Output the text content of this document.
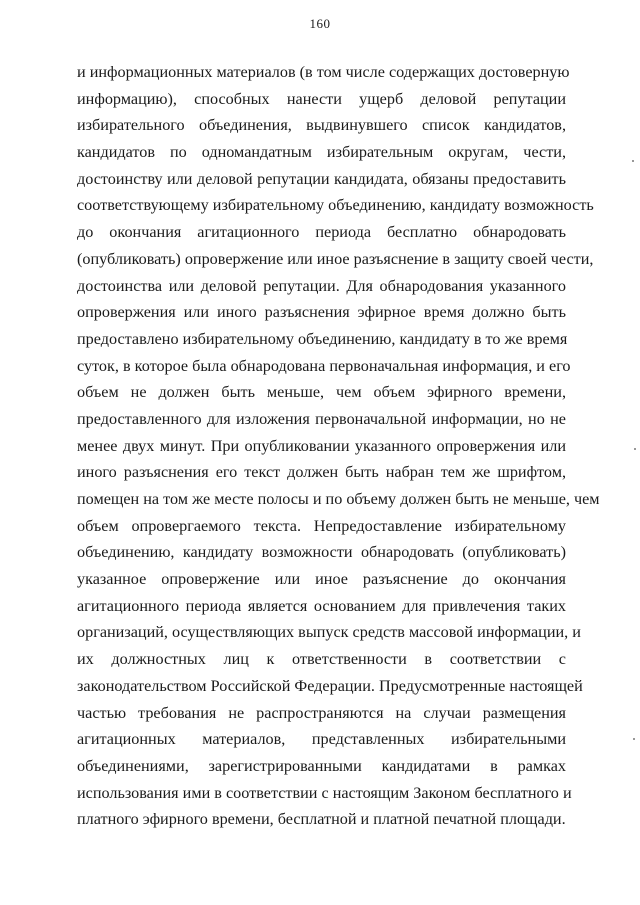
160
и информационных материалов (в том числе содержащих достоверную
информацию), способных нанести ущерб деловой репутации
избирательного объединения, выдвинувшего список кандидатов,
кандидатов по одномандатным избирательным округам, чести,
достоинству или деловой репутации кандидата, обязаны предоставить
соответствующему избирательному объединению, кандидату возможность
до окончания агитационного периода бесплатно обнародовать
(опубликовать) опровержение или иное разъяснение в защиту своей чести,
достоинства или деловой репутации. Для обнародования указанного
опровержения или иного разъяснения эфирное время должно быть
предоставлено избирательному объединению, кандидату в то же время
суток, в которое была обнародована первоначальная информация, и его
объем не должен быть меньше, чем объем эфирного времени,
предоставленного для изложения первоначальной информации, но не
менее двух минут. При опубликовании указанного опровержения или
иного разъяснения его текст должен быть набран тем же шрифтом,
помещен на том же месте полосы и по объему должен быть не меньше, чем
объем опровергаемого текста. Непредоставление избирательному
объединению, кандидату возможности обнародовать (опубликовать)
указанное опровержение или иное разъяснение до окончания
агитационного периода является основанием для привлечения таких
организаций, осуществляющих выпуск средств массовой информации, и
их должностных лиц к ответственности в соответствии с
законодательством Российской Федерации. Предусмотренные настоящей
частью требования не распространяются на случаи размещения
агитационных материалов, представленных избирательными
объединениями, зарегистрированными кандидатами в рамках
использования ими в соответствии с настоящим Законом бесплатного и
платного эфирного времени, бесплатной и платной печатной площади.
